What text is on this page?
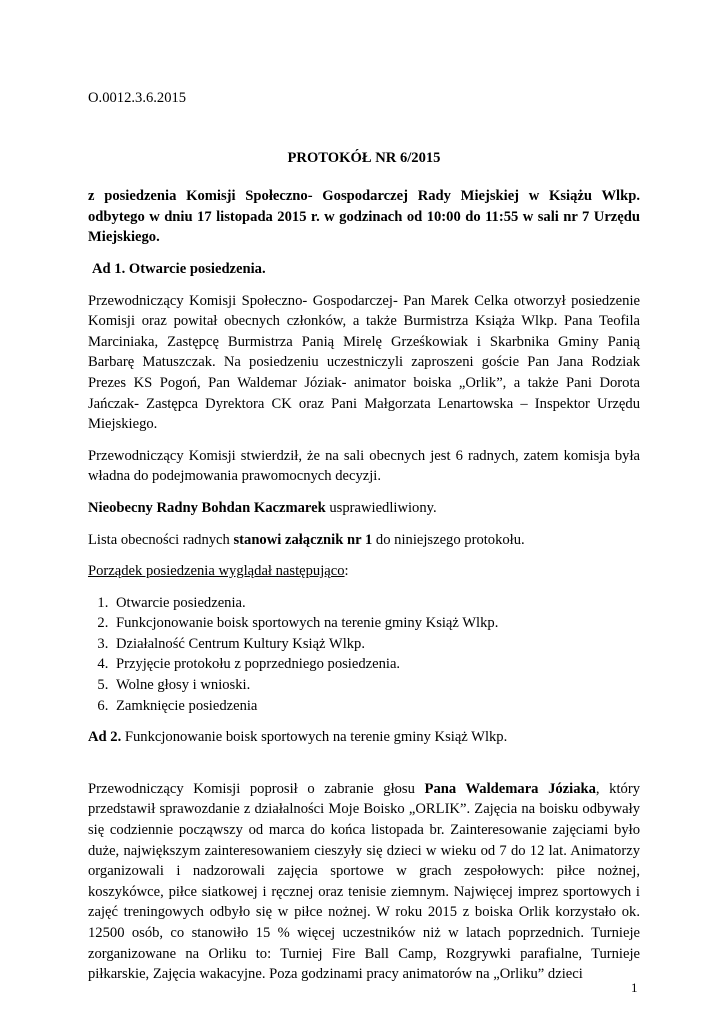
O.0012.3.6.2015

PROTOKÓŁ NR 6/2015

z posiedzenia Komisji Społeczno- Gospodarczej Rady Miejskiej w Książu Wlkp. odbytego w dniu 17 listopada 2015 r. w godzinach od 10:00 do 11:55 w sali nr 7 Urzędu Miejskiego.

Ad 1. Otwarcie posiedzenia.

Przewodniczący Komisji Społeczno- Gospodarczej- Pan Marek Celka otworzył posiedzenie Komisji oraz powitał obecnych członków, a także Burmistrza Książa Wlkp. Pana Teofila Marciniaka, Zastępcę Burmistrza Panią Mirelę Grześkowiak i Skarbnika Gminy Panią Barbarę Matuszczak. Na posiedzeniu uczestniczyli zaproszeni goście Pan Jana Rodziak Prezes KS Pogoń, Pan Waldemar Józiak- animator boiska „Orlik”, a także Pani Dorota Jańczak- Zastępca Dyrektora CK oraz Pani Małgorzata Lenartowska – Inspektor Urzędu Miejskiego.

Przewodniczący Komisji stwierdził, że na sali obecnych jest 6 radnych, zatem komisja była władna do podejmowania prawomocnych decyzji.

Nieobecny Radny Bohdan Kaczmarek usprawiedliwiony.

Lista obecności radnych stanowi załącznik nr 1 do niniejszego protokołu.

Porządek posiedzenia wyglądał następująco:

1. Otwarcie posiedzenia.
2. Funkcjonowanie boisk sportowych na terenie gminy Książ Wlkp.
3. Działalność Centrum Kultury Książ Wlkp.
4. Przyjęcie protokołu z poprzedniego posiedzenia.
5. Wolne głosy i wnioski.
6. Zamknięcie posiedzenia

Ad 2. Funkcjonowanie boisk sportowych na terenie gminy Książ Wlkp.

Przewodniczący Komisji poprosił o zabranie głosu Pana Waldemara Józiaka, który przedstawił sprawozdanie z działalności Moje Boisko „ORLIK”. Zajęcia na boisku odbywały się codziennie począwszy od marca do końca listopada br. Zainteresowanie zajęciami było duże, największym zainteresowaniem cieszyły się dzieci w wieku od 7 do 12 lat. Animatorzy organizowali i nadzorowali zajęcia sportowe w grach zespołowych: piłce nożnej, koszykówce, piłce siatkowej i ręcznej oraz tenisie ziemnym. Najwięcej imprez sportowych i zajęć treningowych odbyło się w piłce nożnej. W roku 2015 z boiska Orlik korzystało ok. 12500 osób, co stanowiło 15 % więcej uczestników niż w latach poprzednich. Turnieje zorganizowane na Orliku to: Turniej Fire Ball Camp, Rozgrywki parafialne, Turnieje piłkarskie, Zajęcia wakacyjne. Poza godzinami pracy animatorów na „Orliku” dzieci

1
